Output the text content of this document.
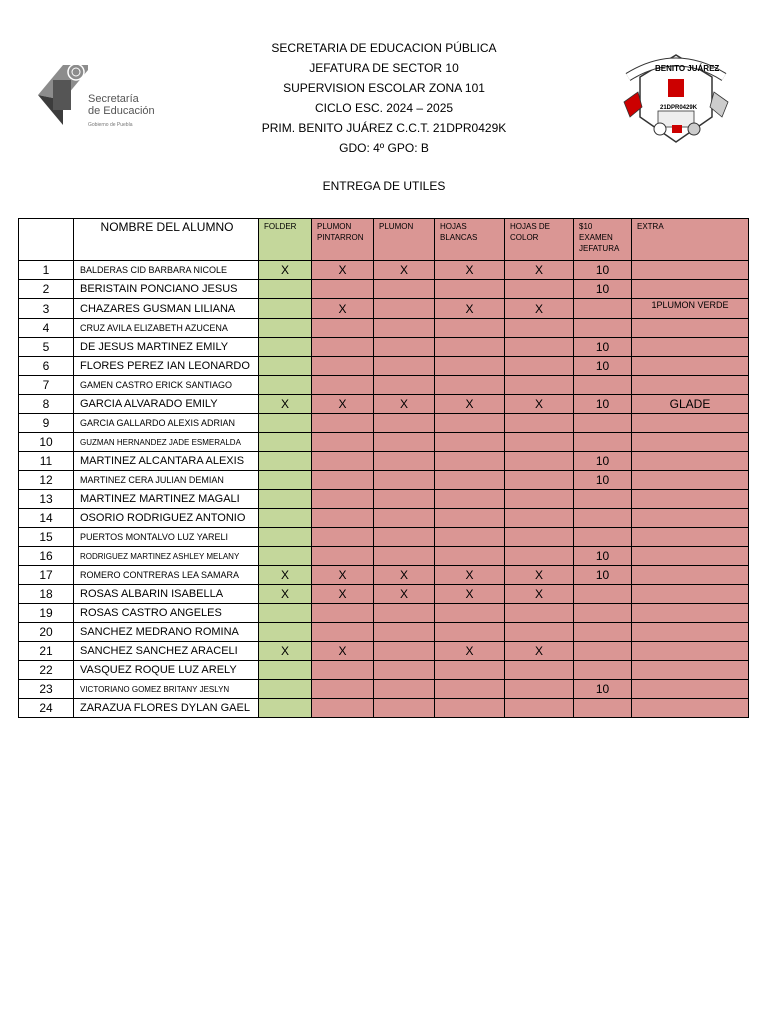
Secretaría
de Educación
Gobierno de Puebla
SECRETARIA DE EDUCACION PÚBLICA
JEFATURA DE SECTOR 10
SUPERVISION ESCOLAR ZONA 101
CICLO ESC. 2024 – 2025
PRIM. BENITO JUÁREZ C.C.T. 21DPR0429K
GDO: 4º GPO: B
BENITO JUÁREZ
21DPR0429K
ENTREGA DE UTILES
	NOMBRE DEL ALUMNO	FOLDER	PLUMON PINTARRON	PLUMON	HOJAS BLANCAS	HOJAS DE COLOR	$10 EXAMEN JEFATURA	EXTRA
1	BALDERAS CID BARBARA NICOLE	X	X	X	X	X	10	
2	BERISTAIN PONCIANO JESUS						10	
3	CHAZARES GUSMAN LILIANA		X		X	X		1PLUMON VERDE
4	CRUZ AVILA ELIZABETH AZUCENA							
5	DE JESUS MARTINEZ EMILY						10	
6	FLORES PEREZ IAN LEONARDO						10	
7	GAMEN CASTRO ERICK SANTIAGO							
8	GARCIA ALVARADO EMILY	X	X	X	X	X	10	GLADE
9	GARCIA GALLARDO ALEXIS ADRIAN							
10	GUZMAN HERNANDEZ JADE ESMERALDA							
11	MARTINEZ ALCANTARA ALEXIS						10	
12	MARTINEZ CERA JULIAN DEMIAN						10	
13	MARTINEZ MARTINEZ MAGALI							
14	OSORIO RODRIGUEZ ANTONIO							
15	PUERTOS MONTALVO LUZ YARELI							
16	RODRIGUEZ MARTINEZ ASHLEY MELANY						10	
17	ROMERO CONTRERAS LEA SAMARA	X	X	X	X	X	10	
18	ROSAS ALBARIN ISABELLA	X	X	X	X	X		
19	ROSAS CASTRO ANGELES							
20	SANCHEZ MEDRANO ROMINA							
21	SANCHEZ SANCHEZ ARACELI	X	X		X	X		
22	VASQUEZ ROQUE LUZ ARELY							
23	VICTORIANO GOMEZ BRITANY JESLYN						10	
24	ZARAZUA FLORES DYLAN GAEL							
